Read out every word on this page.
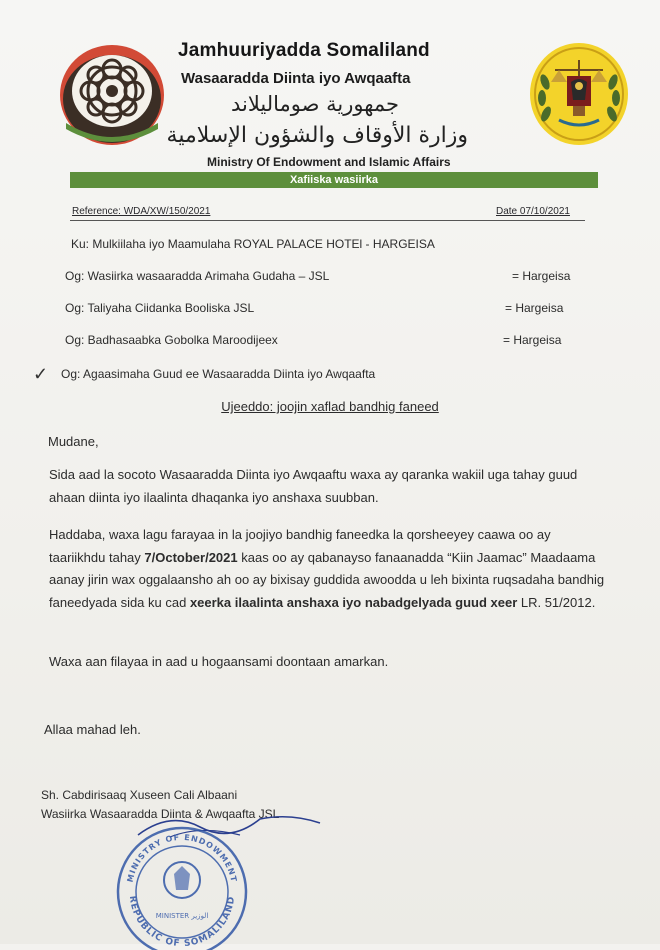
Jamhuuriyadda Somaliland
Wasaaradda Diinta iyo Awqaafta
جمهورية صوماليلاند
وزارة الأوقاف والشؤون الإسلامية
Ministry Of Endowment and Islamic Affairs
Xafiiska wasiirka
Reference: WDA/XW/150/2021	Date 07/10/2021
Ku: Mulkiilaha iyo Maamulaha ROYAL PALACE HOTEl - HARGEISA
Og: Wasiirka wasaaradda Arimaha Gudaha – JSL	= Hargeisa
Og: Taliyaha Ciidanka Booliska JSL	= Hargeisa
Og: Badhasaabka Gobolka Maroodijeex	= Hargeisa
✓ Og: Agaasimaha Guud ee Wasaaradda Diinta iyo Awqaafta
Ujeeddo: joojin xaflad bandhig faneed
Mudane,
Sida aad la socoto Wasaaradda Diinta iyo Awqaaftu waxa ay qaranka wakiil uga tahay guud ahaan diinta iyo ilaalinta dhaqanka iyo anshaxa suubban.
Haddaba, waxa lagu farayaa in la joojiyo bandhig faneedka la qorsheeyey caawa oo ay taariikhdu tahay 7/October/2021 kaas oo ay qabanayso fanaanadda “Kiin Jaamac” Maadaama aanay jirin wax oggalaansho ah oo ay bixisay guddida awoodda u leh bixinta ruqsadaha bandhig faneedyada sida ku cad xeerka ilaalinta anshaxa iyo nabadgelyada guud xeer LR. 51/2012.
Waxa aan filayaa in aad u hogaansami doontaan amarkan.
Allaa mahad leh.
Sh. Cabdirisaaq Xuseen Cali Albaani
Wasiirka Wasaaradda Diinta & Awqaafta JSL
MINISTRY OF ENDOWMENT
REPUBLIC OF SOMALILAND
MINISTER الوزير
